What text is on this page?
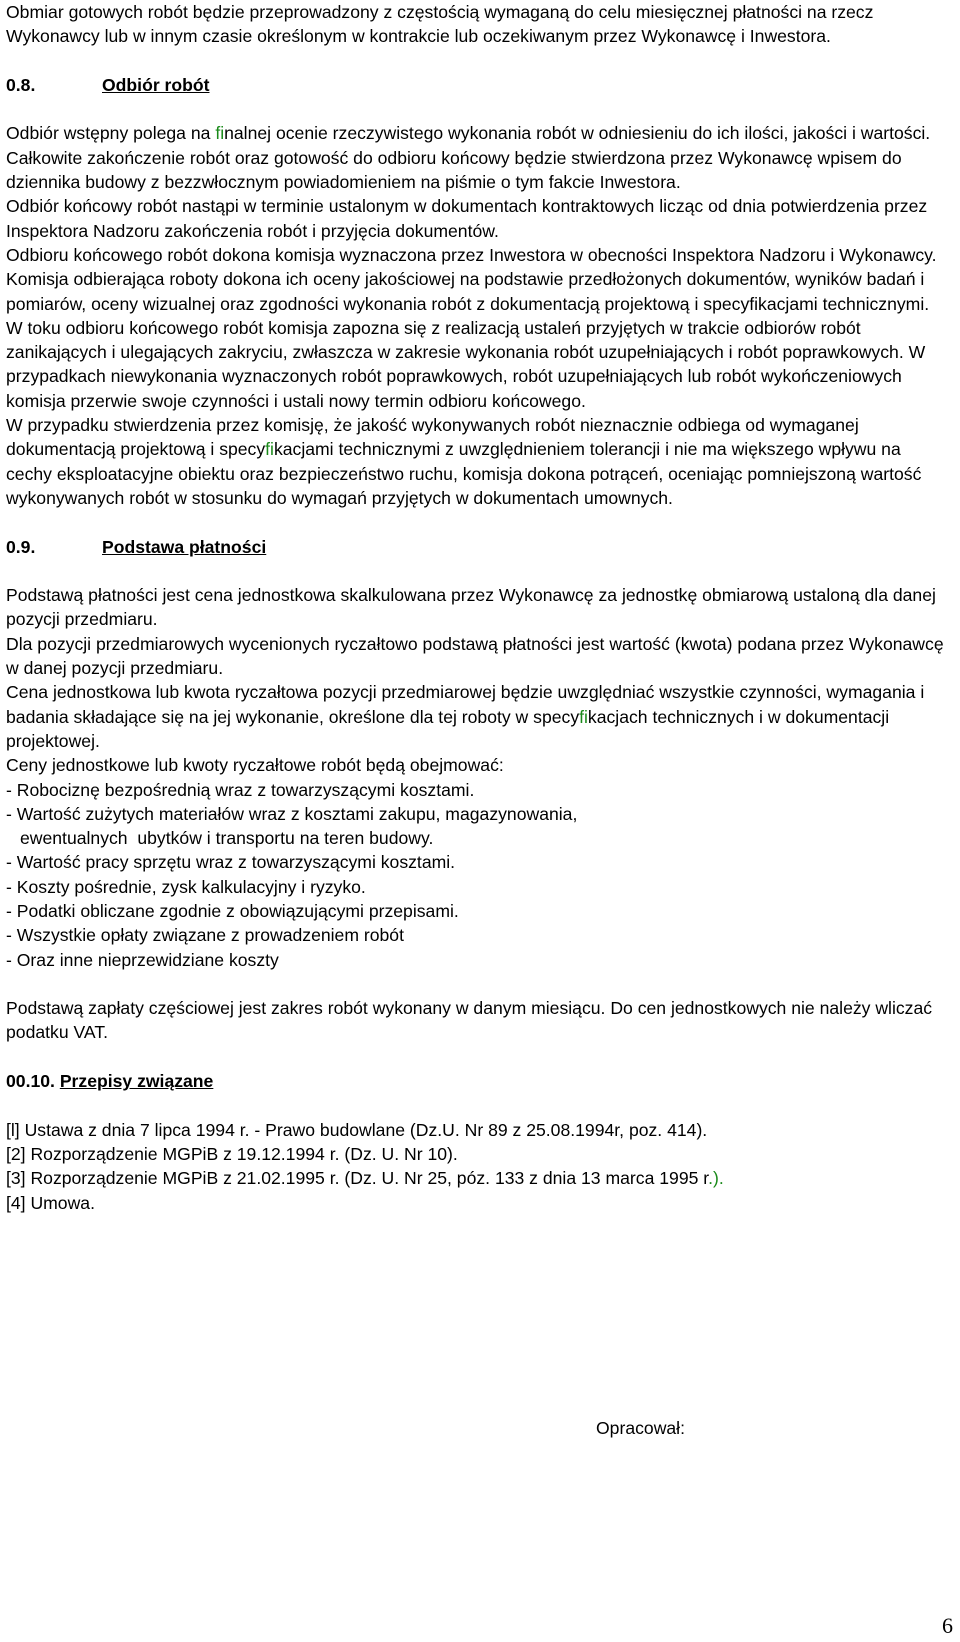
Obmiar gotowych robót będzie przeprowadzony z częstością wymaganą do celu miesięcznej płatności na rzecz Wykonawcy lub w innym czasie określonym w kontrakcie lub oczekiwanym przez Wykonawcę i Inwestora.

0.8.	Odbiór robót

Odbiór wstępny polega na finalnej ocenie rzeczywistego wykonania robót w odniesieniu do ich ilości, jakości i wartości.

Całkowite zakończenie robót oraz gotowość do odbioru końcowy będzie stwierdzona przez Wykonawcę wpisem do dziennika budowy z bezzwłocznym powiadomieniem na piśmie o tym fakcie Inwestora.

Odbiór końcowy robót nastąpi w terminie ustalonym w dokumentach kontraktowych licząc od dnia potwierdzenia przez Inspektora Nadzoru zakończenia robót i przyjęcia dokumentów.

Odbioru końcowego robót dokona komisja wyznaczona przez Inwestora w obecności Inspektora Nadzoru i Wykonawcy. Komisja odbierająca roboty dokona ich oceny jakościowej na podstawie przedłożonych dokumentów, wyników badań i pomiarów, oceny wizualnej oraz zgodności wykonania robót z dokumentacją projektową i specyfikacjami technicznymi.

W toku odbioru końcowego robót komisja zapozna się z realizacją ustaleń przyjętych w trakcie odbiorów robót zanikających i ulegających zakryciu, zwłaszcza w zakresie wykonania robót uzupełniających i robót poprawkowych. W przypadkach niewykonania wyznaczonych robót poprawkowych, robót uzupełniających lub robót wykończeniowych komisja przerwie swoje czynności i ustali nowy termin odbioru końcowego.

W przypadku stwierdzenia przez komisję, że jakość wykonywanych robót nieznacznie odbiega od wymaganej dokumentacją projektową i specyfikacjami technicznymi z uwzględnieniem tolerancji i nie ma większego wpływu na cechy eksploatacyjne obiektu oraz bezpieczeństwo ruchu, komisja dokona potrąceń, oceniając pomniejszoną wartość wykonywanych robót w stosunku do wymagań przyjętych w dokumentach umownych.

0.9.	Podstawa płatności

Podstawą płatności jest cena jednostkowa skalkulowana przez Wykonawcę za jednostkę obmiarową ustaloną dla danej pozycji przedmiaru.

Dla pozycji przedmiarowych wycenionych ryczałtowo podstawą płatności jest wartość (kwota) podana przez Wykonawcę w danej pozycji przedmiaru.

Cena jednostkowa lub kwota ryczałtowa pozycji przedmiarowej będzie uwzględniać wszystkie czynności, wymagania i badania składające się na jej wykonanie, określone dla tej roboty w specyfikacjach technicznych i w dokumentacji projektowej.

Ceny jednostkowe lub kwoty ryczałtowe robót będą obejmować:

- Robociznę bezpośrednią wraz z towarzyszącymi kosztami.

- Wartość zużytych materiałów wraz z kosztami zakupu, magazynowania,

ewentualnych  ubytków i transportu na teren budowy.

- Wartość pracy sprzętu wraz z towarzyszącymi kosztami.

- Koszty pośrednie, zysk kalkulacyjny i ryzyko.

- Podatki obliczane zgodnie z obowiązującymi przepisami.

- Wszystkie opłaty związane z prowadzeniem robót

- Oraz inne nieprzewidziane koszty

Podstawą zapłaty częściowej jest zakres robót wykonany w danym miesiącu. Do cen jednostkowych nie należy wliczać podatku VAT.

00.10. Przepisy związane

[l] Ustawa z dnia 7 lipca 1994 r. - Prawo budowlane (Dz.U. Nr 89 z 25.08.1994r, poz. 414).

[2] Rozporządzenie MGPiB z 19.12.1994 r. (Dz. U. Nr 10).

[3] Rozporządzenie MGPiB z 21.02.1995 r. (Dz. U. Nr 25, póz. 133 z dnia 13 marca 1995 r.).

[4] Umowa.

Opracował:
6
